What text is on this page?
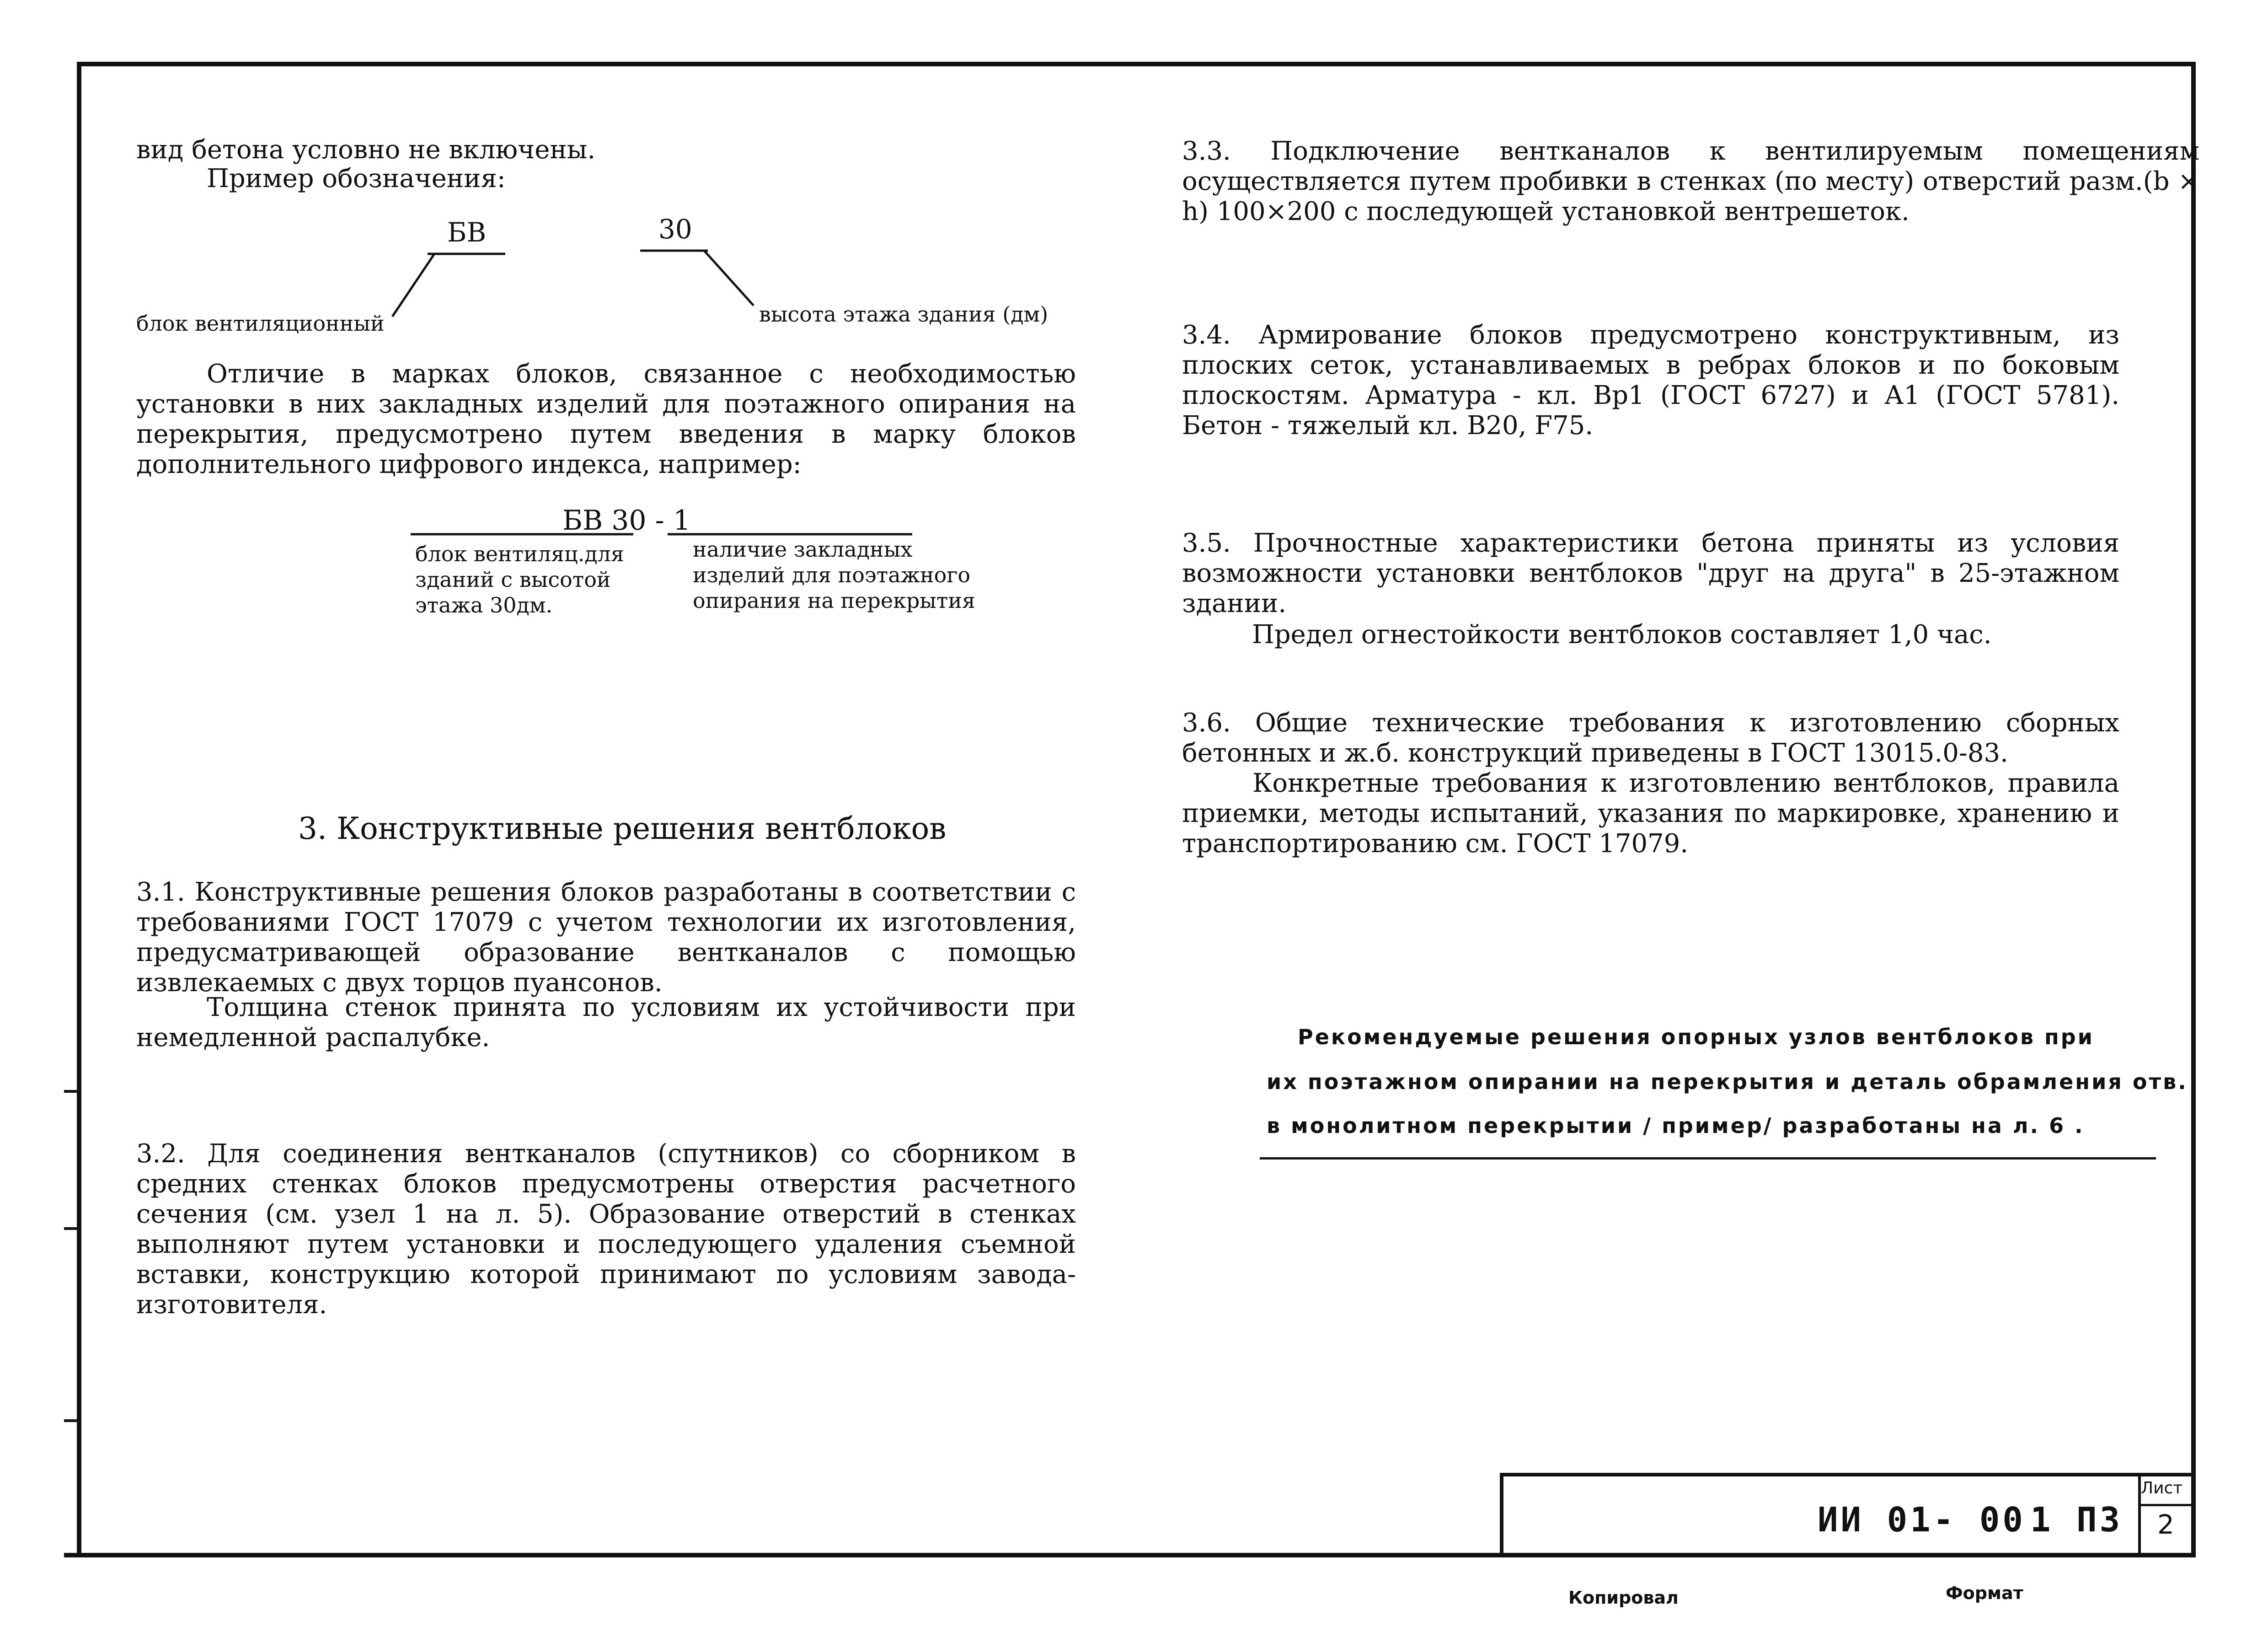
вид бетона условно не включены.
Пример обозначения:
БВ	30
блок вентиляционный	высота этажа здания (дм)
Отличие в марках блоков, связанное с необходимостью установки в них закладных изделий для поэтажного опирания на перекрытия, предусмотрено путем введения в марку блоков дополнительного цифрового индекса, например:
БВ 30 - 1
блок вентиляц.для
зданий с высотой
этажа 30дм.
наличие закладных
изделий для поэтажного
опирания на перекрытия
3. Конструктивные решения вентблоков
3.1. Конструктивные решения блоков разработаны в соответствии с требованиями ГОСТ 17079 с учетом технологии их изготовления, предусматривающей образование вентканалов с помощью извлекаемых с двух торцов пуансонов.
Толщина стенок принята по условиям их устойчивости при немедленной распалубке.
3.2. Для соединения вентканалов (спутников) со сборником в средних стенках блоков предусмотрены отверстия расчетного сечения (см. узел 1 на л. 5). Образование отверстий в стенках выполняют путем установки и последующего удаления съемной вставки, конструкцию которой принимают по условиям завода-изготовителя.
3.3. Подключение вентканалов к вентилируемым помещениям осуществляется путем пробивки в стенках (по месту) отверстий разм.(b × h) 100×200 с последующей установкой вентрешеток.
3.4. Армирование блоков предусмотрено конструктивным, из плоских сеток, устанавливаемых в ребрах блоков и по боковым плоскостям. Арматура - кл. Вр1 (ГОСТ 6727) и А1 (ГОСТ 5781). Бетон - тяжелый кл. В20, F75.
3.5. Прочностные характеристики бетона приняты из условия возможности установки вентблоков "друг на друга" в 25-этажном здании.
Предел огнестойкости вентблоков составляет 1,0 час.
3.6. Общие технические требования к изготовлению сборных бетонных и ж.б. конструкций приведены в ГОСТ 13015.0-83.
Конкретные требования к изготовлению вентблоков, правила приемки, методы испытаний, указания по маркировке, хранению и транспортированию см. ГОСТ 17079.
Рекомендуемые решения опорных узлов вентблоков при
их поэтажном опирании на перекрытия и деталь обрамления отв.
в монолитном перекрытии / пример/ разработаны на л. 6 .
ИИ 01- 00 1 ПЗ
Лист
2
Копировал	Формат
